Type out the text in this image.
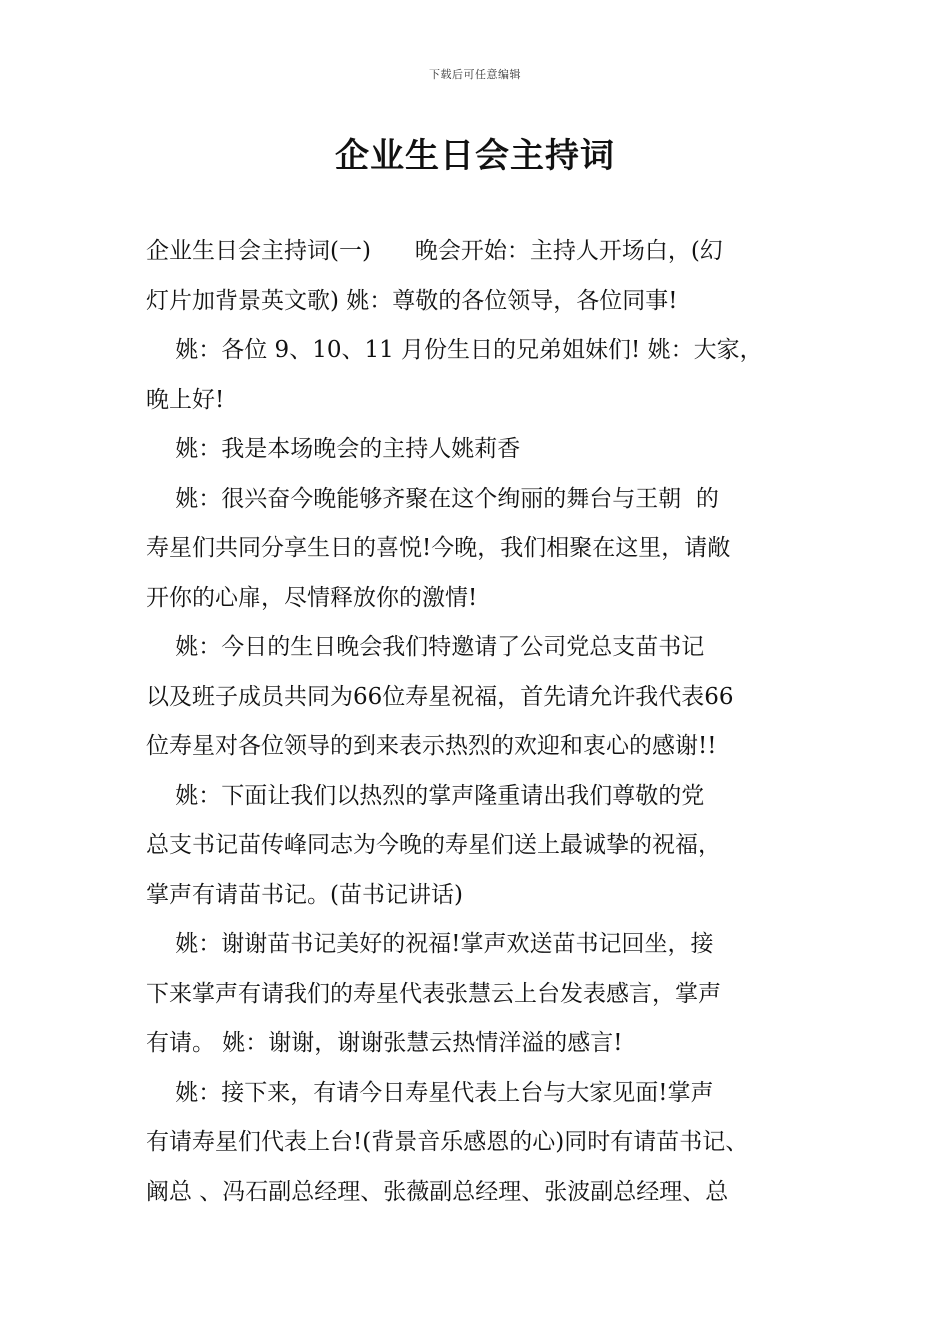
下载后可任意编辑
企业生日会主持词
企业生日会主持词(一)      晚会开始：主持人开场白，(幻
灯片加背景英文歌) 姚：尊敬的各位领导，各位同事!
姚：各位 9、10、11 月份生日的兄弟姐妹们! 姚：大家，
晚上好!
姚：我是本场晚会的主持人姚莉香
姚：很兴奋今晚能够齐聚在这个绚丽的舞台与王朝  的
寿星们共同分享生日的喜悦!今晚，我们相聚在这里，请敞
开你的心扉，尽情释放你的激情!
姚：今日的生日晚会我们特邀请了公司党总支苗书记
以及班子成员共同为66位寿星祝福，首先请允许我代表66
位寿星对各位领导的到来表示热烈的欢迎和衷心的感谢!!
姚：下面让我们以热烈的掌声隆重请出我们尊敬的党
总支书记苗传峰同志为今晚的寿星们送上最诚挚的祝福，
掌声有请苗书记。(苗书记讲话)
姚：谢谢苗书记美好的祝福!掌声欢送苗书记回坐，接
下来掌声有请我们的寿星代表张慧云上台发表感言，掌声
有请。 姚：谢谢，谢谢张慧云热情洋溢的感言!
姚：接下来，有请今日寿星代表上台与大家见面!掌声
有请寿星们代表上台!(背景音乐感恩的心)同时有请苗书记、
阚总 、冯石副总经理、张薇副总经理、张波副总经理、总
